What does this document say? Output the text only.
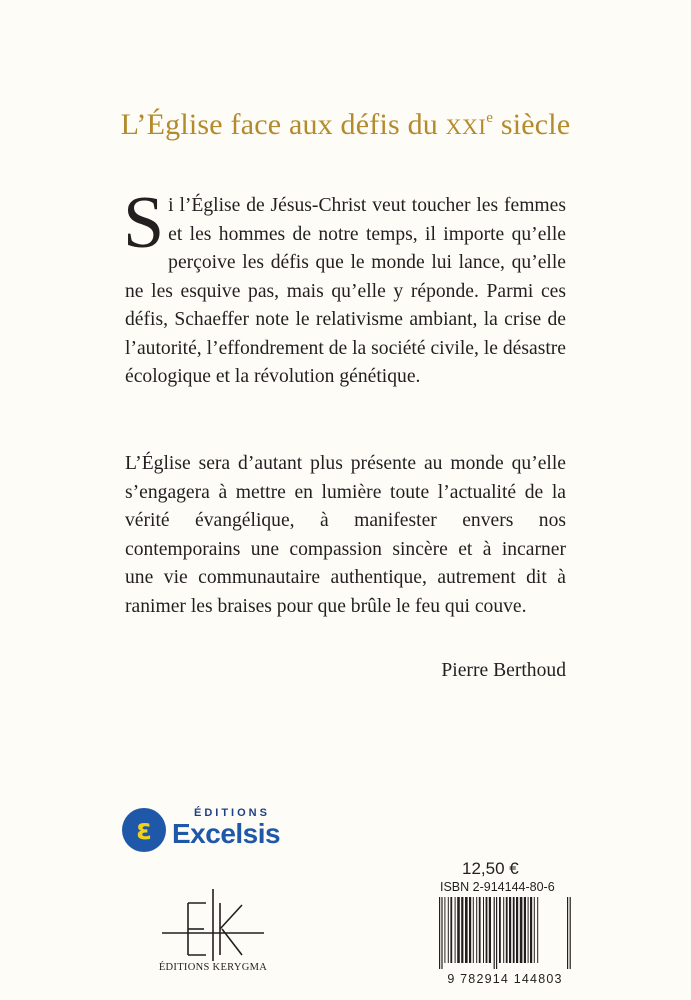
L’Église face aux défis du XXIe siècle

Si l’Église de Jésus-Christ veut toucher les femmes et les hommes de notre temps, il importe qu’elle perçoive les défis que le monde lui lance, qu’elle ne les esquive pas, mais qu’elle y réponde. Parmi ces défis, Schaeffer note le relativisme ambiant, la crise de l’autorité, l’effondrement de la société civile, le désastre écologique et la révolution génétique.

L’Église sera d’autant plus présente au monde qu’elle s’engagera à mettre en lumière toute l’actualité de la vérité évangélique, à manifester envers nos contemporains une compassion sincère et à incarner une vie communautaire authentique, autrement dit à ranimer les braises pour que brûle le feu qui couve.

Pierre Berthoud

ε	ÉDITIONS
Excelsis
ÉDITIONS KERYGMA
12,50 €
ISBN 2-914144-80-6
9 782914 144803
